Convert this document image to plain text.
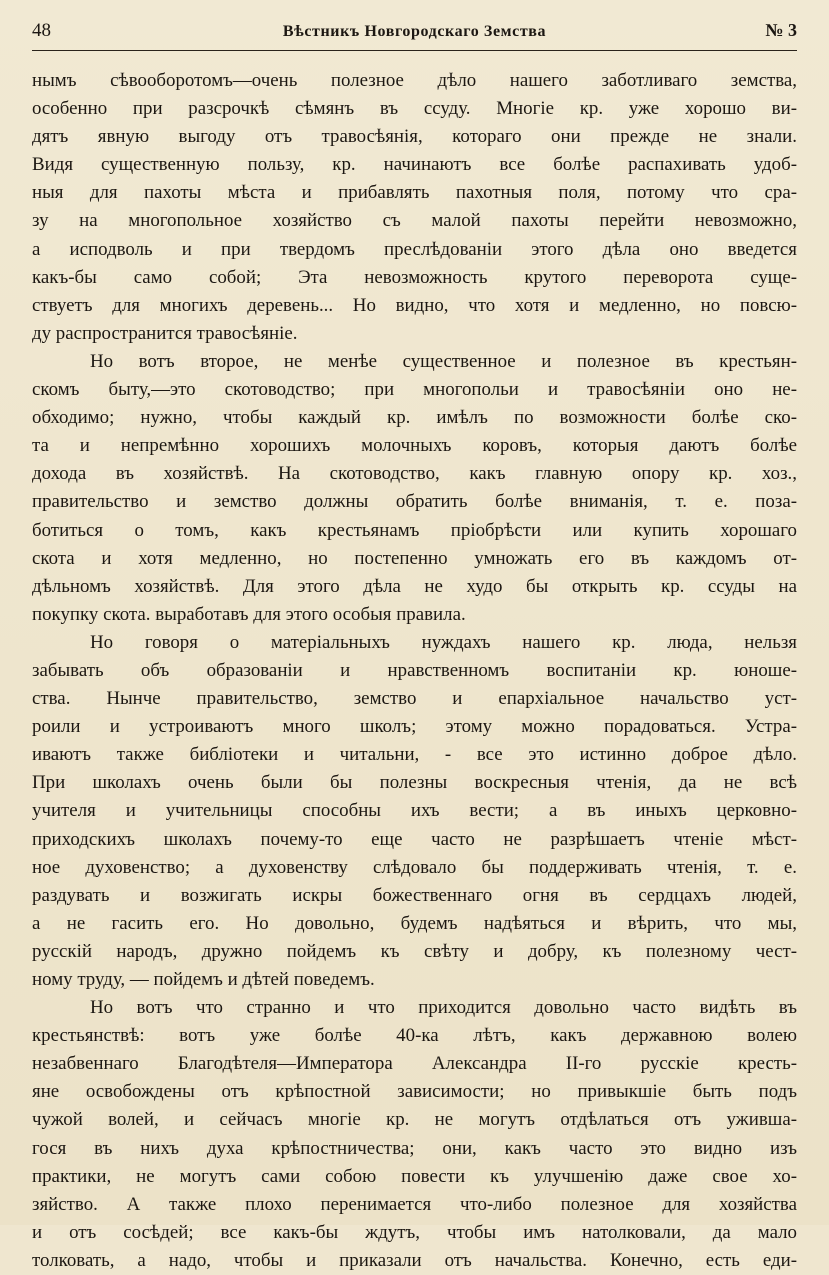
48	Вѣстникъ Новгородскаго Земства	№ 3
нымъ сѣвооборотомъ—очень полезное дѣло нашего заботливаго земства,
особенно при разсрочкѣ сѣмянъ въ ссуду. Многiе кр. уже хорошо ви-
дятъ явную выгоду отъ травосѣянiя, котораго они прежде не знали.
Видя существенную пользу, кр. начинаютъ все болѣе распахивать удоб-
ныя для пахоты мѣста и прибавлять пахотныя поля, потому что сра-
зу на многопольное хозяйство съ малой пахоты перейти невозможно,
а исподволь и при твердомъ преслѣдованiи этого дѣла оно введется
какъ-бы само собой; Эта невозможность крутого переворота суще-
ствуетъ для многихъ деревень... Но видно, что хотя и медленно, но повсю-
ду распространится травосѣянiе.
Но вотъ второе, не менѣе существенное и полезное въ крестьян-
скомъ быту,—это скотоводство; при многопольи и травосѣянiи оно не-
обходимо; нужно, чтобы каждый кр. имѣлъ по возможности болѣе ско-
та и непремѣнно хорошихъ молочныхъ коровъ, которыя даютъ болѣе
дохода въ хозяйствѣ. На скотоводство, какъ главную опору кр. хоз.,
правительство и земство должны обратить болѣе вниманiя, т. е. поза-
ботиться о томъ, какъ крестьянамъ прiобрѣсти или купить хорошаго
скота и хотя медленно, но постепенно умножать его въ каждомъ от-
дѣльномъ хозяйствѣ. Для этого дѣла не худо бы открыть кр. ссуды на
покупку скота. выработавъ для этого особыя правила.
Но говоря о матерiальныхъ нуждахъ нашего кр. люда, нельзя
забывать объ образованiи и нравственномъ воспитанiи кр. юноше-
ства. Нынче правительство, земство и епархiальное начальство уст-
роили и устроиваютъ много школъ; этому можно порадоваться. Устра-
иваютъ также библiотеки и читальни, - все это истинно доброе дѣло.
При школахъ очень были бы полезны воскресныя чтенiя, да не всѣ
учителя и учительницы способны ихъ вести; а въ иныхъ церковно-
приходскихъ школахъ почему-то еще часто не разрѣшаетъ чтенiе мѣст-
ное духовенство; а духовенству слѣдовало бы поддерживать чтенiя, т. е.
раздувать и возжигать искры божественнаго огня въ сердцахъ людей,
а не гасить его. Но довольно, будемъ надѣяться и вѣрить, что мы,
русскiй народъ, дружно пойдемъ къ свѣту и добру, къ полезному чест-
ному труду, — пойдемъ и дѣтей поведемъ.
Но вотъ что странно и что приходится довольно часто видѣть въ
крестьянствѣ: вотъ уже болѣе 40-ка лѣтъ, какъ державною волею
незабвеннаго Благодѣтеля—Императора Александра II-го русскiе кресть-
яне освобождены отъ крѣпостной зависимости; но привыкшiе быть подъ
чужой волей, и сейчасъ многiе кр. не могутъ отдѣлаться отъ уживша-
гося въ нихъ духа крѣпостничества; они, какъ часто это видно изъ
практики, не могутъ сами собою повести къ улучшенiю даже свое хо-
зяйство. А также плохо перенимается что-либо полезное для хозяйства
и отъ сосѣдей; все какъ-бы ждутъ, чтобы имъ натолковали, да мало
толковать, а надо, чтобы и приказали отъ начальства. Конечно, есть еди-
